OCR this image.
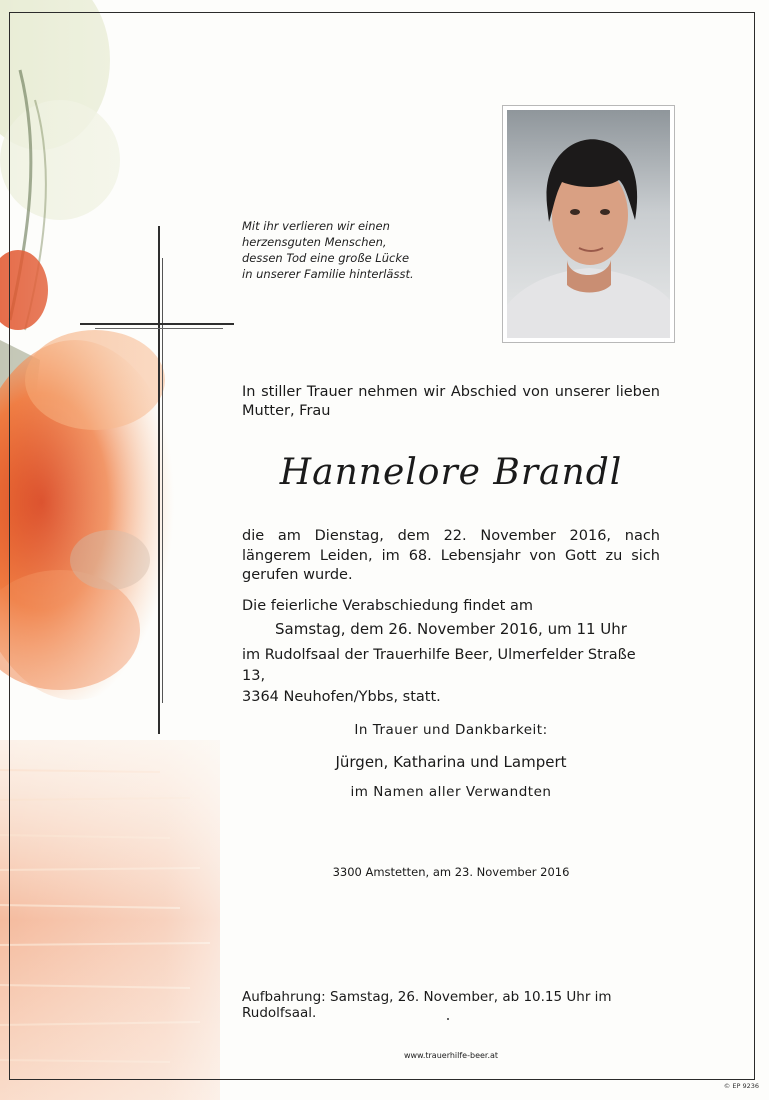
Mit ihr verlieren wir einen
herzensguten Menschen,
dessen Tod eine große Lücke
in unserer Familie hinterlässt.
In stiller Trauer nehmen wir Abschied von unserer lieben Mutter, Frau
Hannelore Brandl
die am Dienstag, dem 22. November 2016, nach
längerem Leiden, im 68. Lebensjahr von Gott zu sich
gerufen wurde.
Die feierliche Verabschiedung findet am
Samstag, dem 26. November 2016, um 11 Uhr
im Rudolfsaal der Trauerhilfe Beer, Ulmerfelder Straße 13,
3364 Neuhofen/Ybbs, statt.
In Trauer und Dankbarkeit:
Jürgen, Katharina und Lampert
im Namen aller Verwandten
3300 Amstetten, am 23. November 2016
Aufbahrung: Samstag, 26. November, ab 10.15 Uhr im Rudolfsaal.
www.trauerhilfe-beer.at
© EP 9236
